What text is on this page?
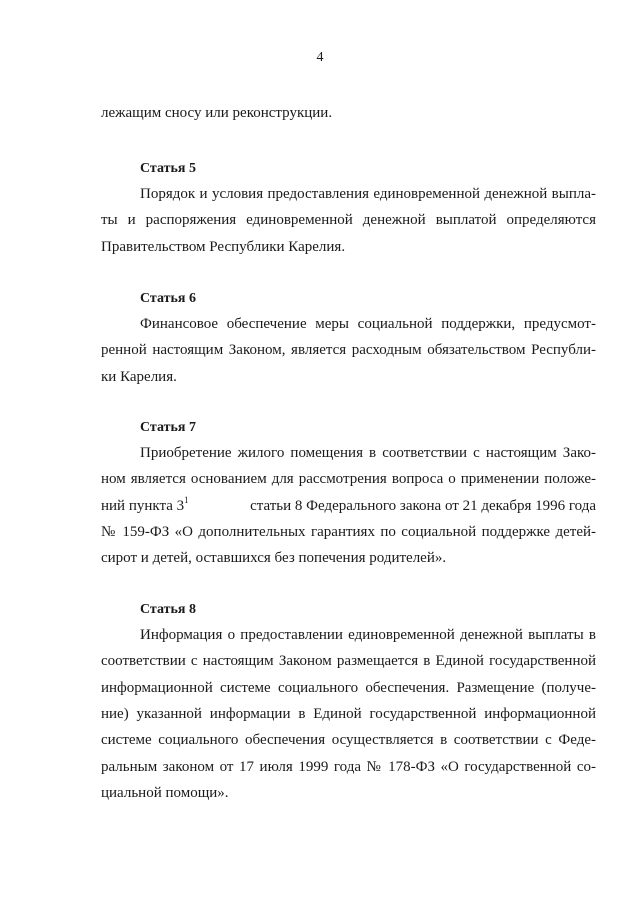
4
лежащим сносу или реконструкции.
Статья 5
Порядок и условия предоставления единовременной денежной выпла-
ты и распоряжения единовременной денежной выплатой определяются
Правительством Республики Карелия.
Статья 6
Финансовое обеспечение меры социальной поддержки, предусмот-
ренной настоящим Законом, является расходным обязательством Республи-
ки Карелия.
Статья 7
Приобретение жилого помещения в соответствии с настоящим Зако-
ном является основанием для рассмотрения вопроса о применении положе-
ний пункта $3^1$	статьи 8 Федерального закона от 21 декабря 1996 года
№ 159-ФЗ «О дополнительных гарантиях по социальной поддержке детей-
сирот и детей, оставшихся без попечения родителей».
Статья 8
Информация о предоставлении единовременной денежной выплаты в
соответствии с настоящим Законом размещается в Единой государственной
информационной системе социального обеспечения. Размещение (получе-
ние) указанной информации в Единой государственной информационной
системе социального обеспечения осуществляется в соответствии с Феде-
ральным законом от 17 июля 1999 года № 178-ФЗ «О государственной со-
циальной помощи».
